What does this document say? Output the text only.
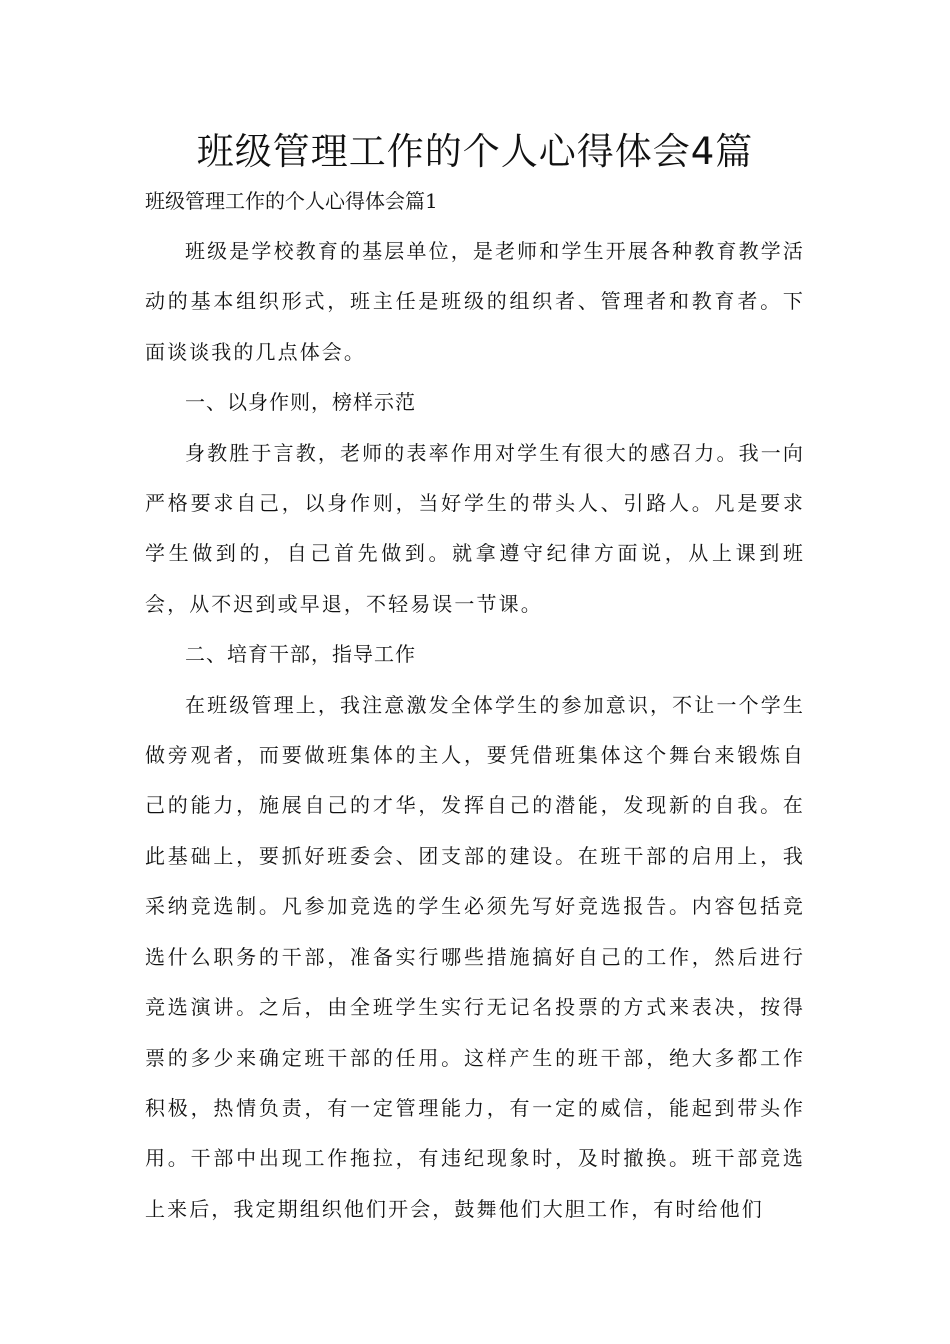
班级管理工作的个人心得体会4篇
班级管理工作的个人心得体会篇1

班级是学校教育的基层单位，是老师和学生开展各种教育教学活动的基本组织形式，班主任是班级的组织者、管理者和教育者。下面谈谈我的几点体会。

一、以身作则，榜样示范

身教胜于言教，老师的表率作用对学生有很大的感召力。我一向严格要求自己，以身作则，当好学生的带头人、引路人。凡是要求学生做到的，自己首先做到。就拿遵守纪律方面说，从上课到班会，从不迟到或早退，不轻易误一节课。

二、培育干部，指导工作

在班级管理上，我注意激发全体学生的参加意识，不让一个学生做旁观者，而要做班集体的主人，要凭借班集体这个舞台来锻炼自己的能力，施展自己的才华，发挥自己的潜能，发现新的自我。在此基础上，要抓好班委会、团支部的建设。在班干部的启用上，我采纳竞选制。凡参加竞选的学生必须先写好竞选报告。内容包括竞选什么职务的干部，准备实行哪些措施搞好自己的工作，然后进行竞选演讲。之后，由全班学生实行无记名投票的方式来表决，按得票的多少来确定班干部的任用。这样产生的班干部，绝大多都工作积极，热情负责，有一定管理能力，有一定的威信，能起到带头作用。干部中出现工作拖拉，有违纪现象时，及时撤换。班干部竞选上来后，我定期组织他们开会，鼓舞他们大胆工作，有时给他们
